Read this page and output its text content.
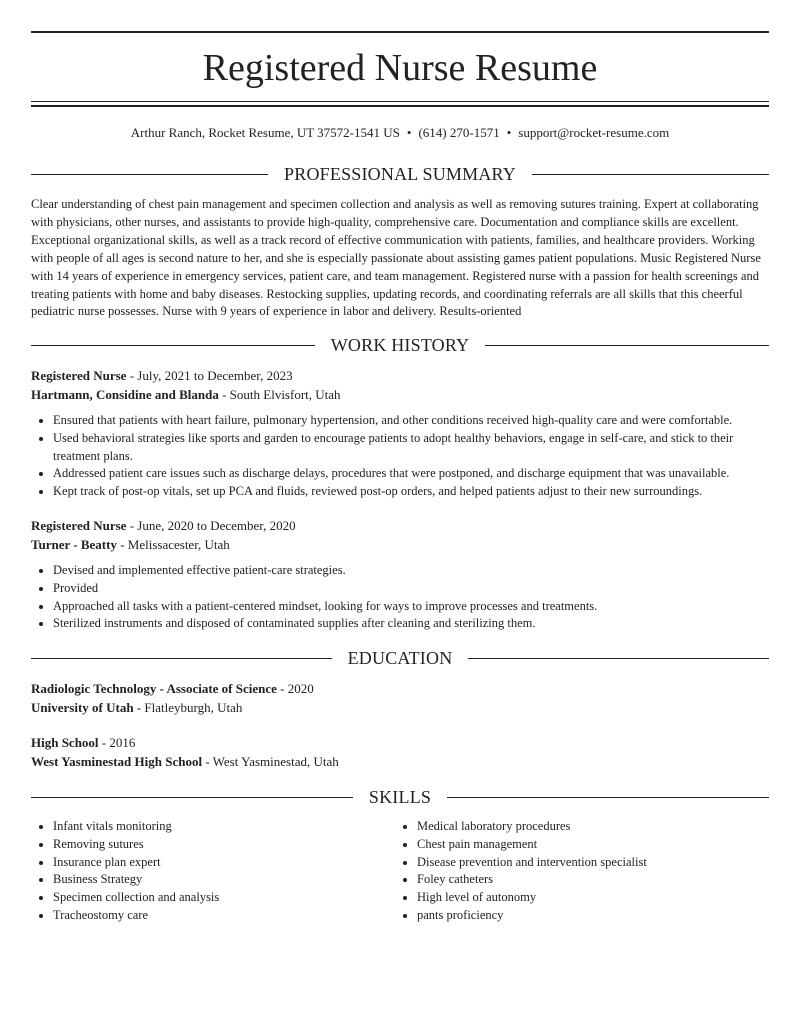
Registered Nurse Resume
Arthur Ranch, Rocket Resume, UT 37572-1541 US • (614) 270-1571 • support@rocket-resume.com
PROFESSIONAL SUMMARY

Clear understanding of chest pain management and specimen collection and analysis as well as removing sutures training. Expert at collaborating with physicians, other nurses, and assistants to provide high-quality, comprehensive care. Documentation and compliance skills are excellent. Exceptional organizational skills, as well as a track record of effective communication with patients, families, and healthcare providers. Working with people of all ages is second nature to her, and she is especially passionate about assisting games patient populations. Music Registered Nurse with 14 years of experience in emergency services, patient care, and team management. Registered nurse with a passion for health screenings and treating patients with home and baby diseases. Restocking supplies, updating records, and coordinating referrals are all skills that this cheerful pediatric nurse possesses. Nurse with 9 years of experience in labor and delivery. Results-oriented

WORK HISTORY
Registered Nurse - July, 2021 to December, 2023
Hartmann, Considine and Blanda - South Elvisfort, Utah
• Ensured that patients with heart failure, pulmonary hypertension, and other conditions received high-quality care and were comfortable.
• Used behavioral strategies like sports and garden to encourage patients to adopt healthy behaviors, engage in self-care, and stick to their treatment plans.
• Addressed patient care issues such as discharge delays, procedures that were postponed, and discharge equipment that was unavailable.
• Kept track of post-op vitals, set up PCA and fluids, reviewed post-op orders, and helped patients adjust to their new surroundings.
Registered Nurse - June, 2020 to December, 2020
Turner - Beatty - Melissacester, Utah
• Devised and implemented effective patient-care strategies.
• Provided
• Approached all tasks with a patient-centered mindset, looking for ways to improve processes and treatments.
• Sterilized instruments and disposed of contaminated supplies after cleaning and sterilizing them.
EDUCATION
Radiologic Technology - Associate of Science - 2020
University of Utah - Flatleyburgh, Utah
High School - 2016
West Yasminestad High School - West Yasminestad, Utah
SKILLS
• Infant vitals monitoring
• Removing sutures
• Insurance plan expert
• Business Strategy
• Specimen collection and analysis
• Tracheostomy care
• Medical laboratory procedures
• Chest pain management
• Disease prevention and intervention specialist
• Foley catheters
• High level of autonomy
• pants proficiency
